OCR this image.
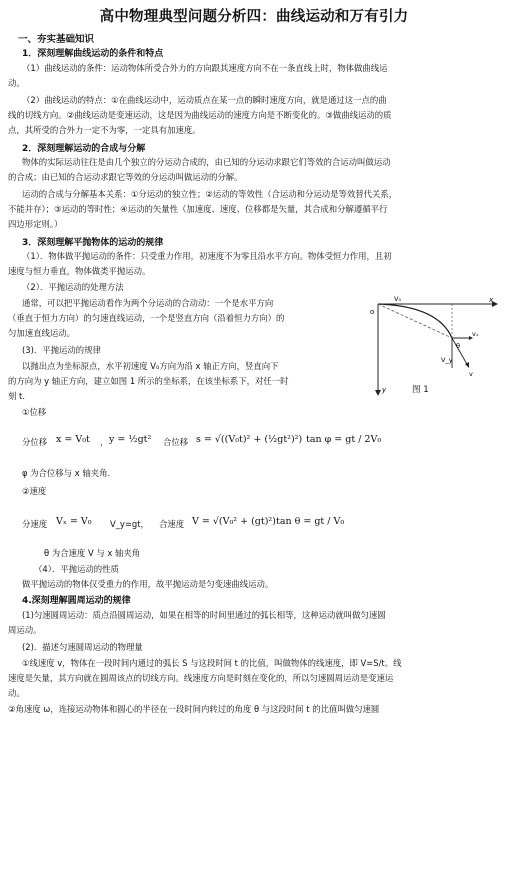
高中物理典型问题分析四：曲线运动和万有引力
一、夯实基础知识
1．深刻理解曲线运动的条件和特点
（1）曲线运动的条件：运动物体所受合外力的方向跟其速度方向不在一条直线上时，物体做曲线运
动。
（2）曲线运动的特点：①在曲线运动中，运动质点在某一点的瞬时速度方向，就是通过这一点的曲
线的切线方向。②曲线运动是变速运动，这是因为曲线运动的速度方向是不断变化的。③做曲线运动的质
点，其所受的合外力一定不为零，一定具有加速度。
2．深刻理解运动的合成与分解
物体的实际运动往往是由几个独立的分运动合成的，由已知的分运动求跟它们等效的合运动叫做运动
的合成；由已知的合运动求跟它等效的分运动叫做运动的分解。
运动的合成与分解基本关系：①分运动的独立性；②运动的等效性（合运动和分运动是等效替代关系，
不能并存）；③运动的等时性；④运动的矢量性（加速度、速度、位移都是矢量，其合成和分解遵循平行
四边形定则。）
3．深刻理解平抛物体的运动的规律
（1）．物体做平抛运动的条件：只受重力作用，初速度不为零且沿水平方向。物体受恒力作用，且初
速度与恒力垂直，物体做类平抛运动。
（2）．平抛运动的处理方法
通常，可以把平抛运动看作为两个分运动的合动动：一个是水平方向
（垂直于恒力方向）的匀速直线运动，一个是竖直方向（沿着恒力方向）的
匀加速直线运动。
(3)．平抛运动的规律
以抛出点为坐标原点，水平初速度 V₀方向为沿 x 轴正方向，竖直向下
的方向为 y 轴正方向，建立如图 1 所示的坐标系，在该坐标系下，对任一时
刻 t．
o
x
y
V₀
vₓ
V_y
v
θ
图 1
①位移
分位移 x = V₀t ， y = ½gt² 合位移 s = √((V₀t)² + (½gt²)²) tan φ = gt / 2V₀
φ 为合位移与 x 轴夹角.
②速度
分速度 Vₓ = V₀ V_y=gt， 合速度 V = √(V₀² + (gt)²) tan θ = gt / V₀
θ 为合速度 V 与 x 轴夹角
（4）．平抛运动的性质
做平抛运动的物体仅受重力的作用，故平抛运动是匀变速曲线运动。
4.深刻理解圆周运动的规律
(1)匀速圆周运动：质点沿圆周运动，如果在相等的时间里通过的弧长相等，这种运动就叫做匀速圆
周运动。
(2)．描述匀速圆周运动的物理量
①线速度 v，物体在一段时间内通过的弧长 S 与这段时间 t 的比值，叫做物体的线速度，即 V=S/t。线
速度是矢量，其方向就在圆周该点的切线方向。线速度方向是时刻在变化的，所以匀速圆周运动是变速运
动。
②角速度 ω，连接运动物体和圆心的半径在一段时间内转过的角度 θ 与这段时间 t 的比值叫做匀速圆
